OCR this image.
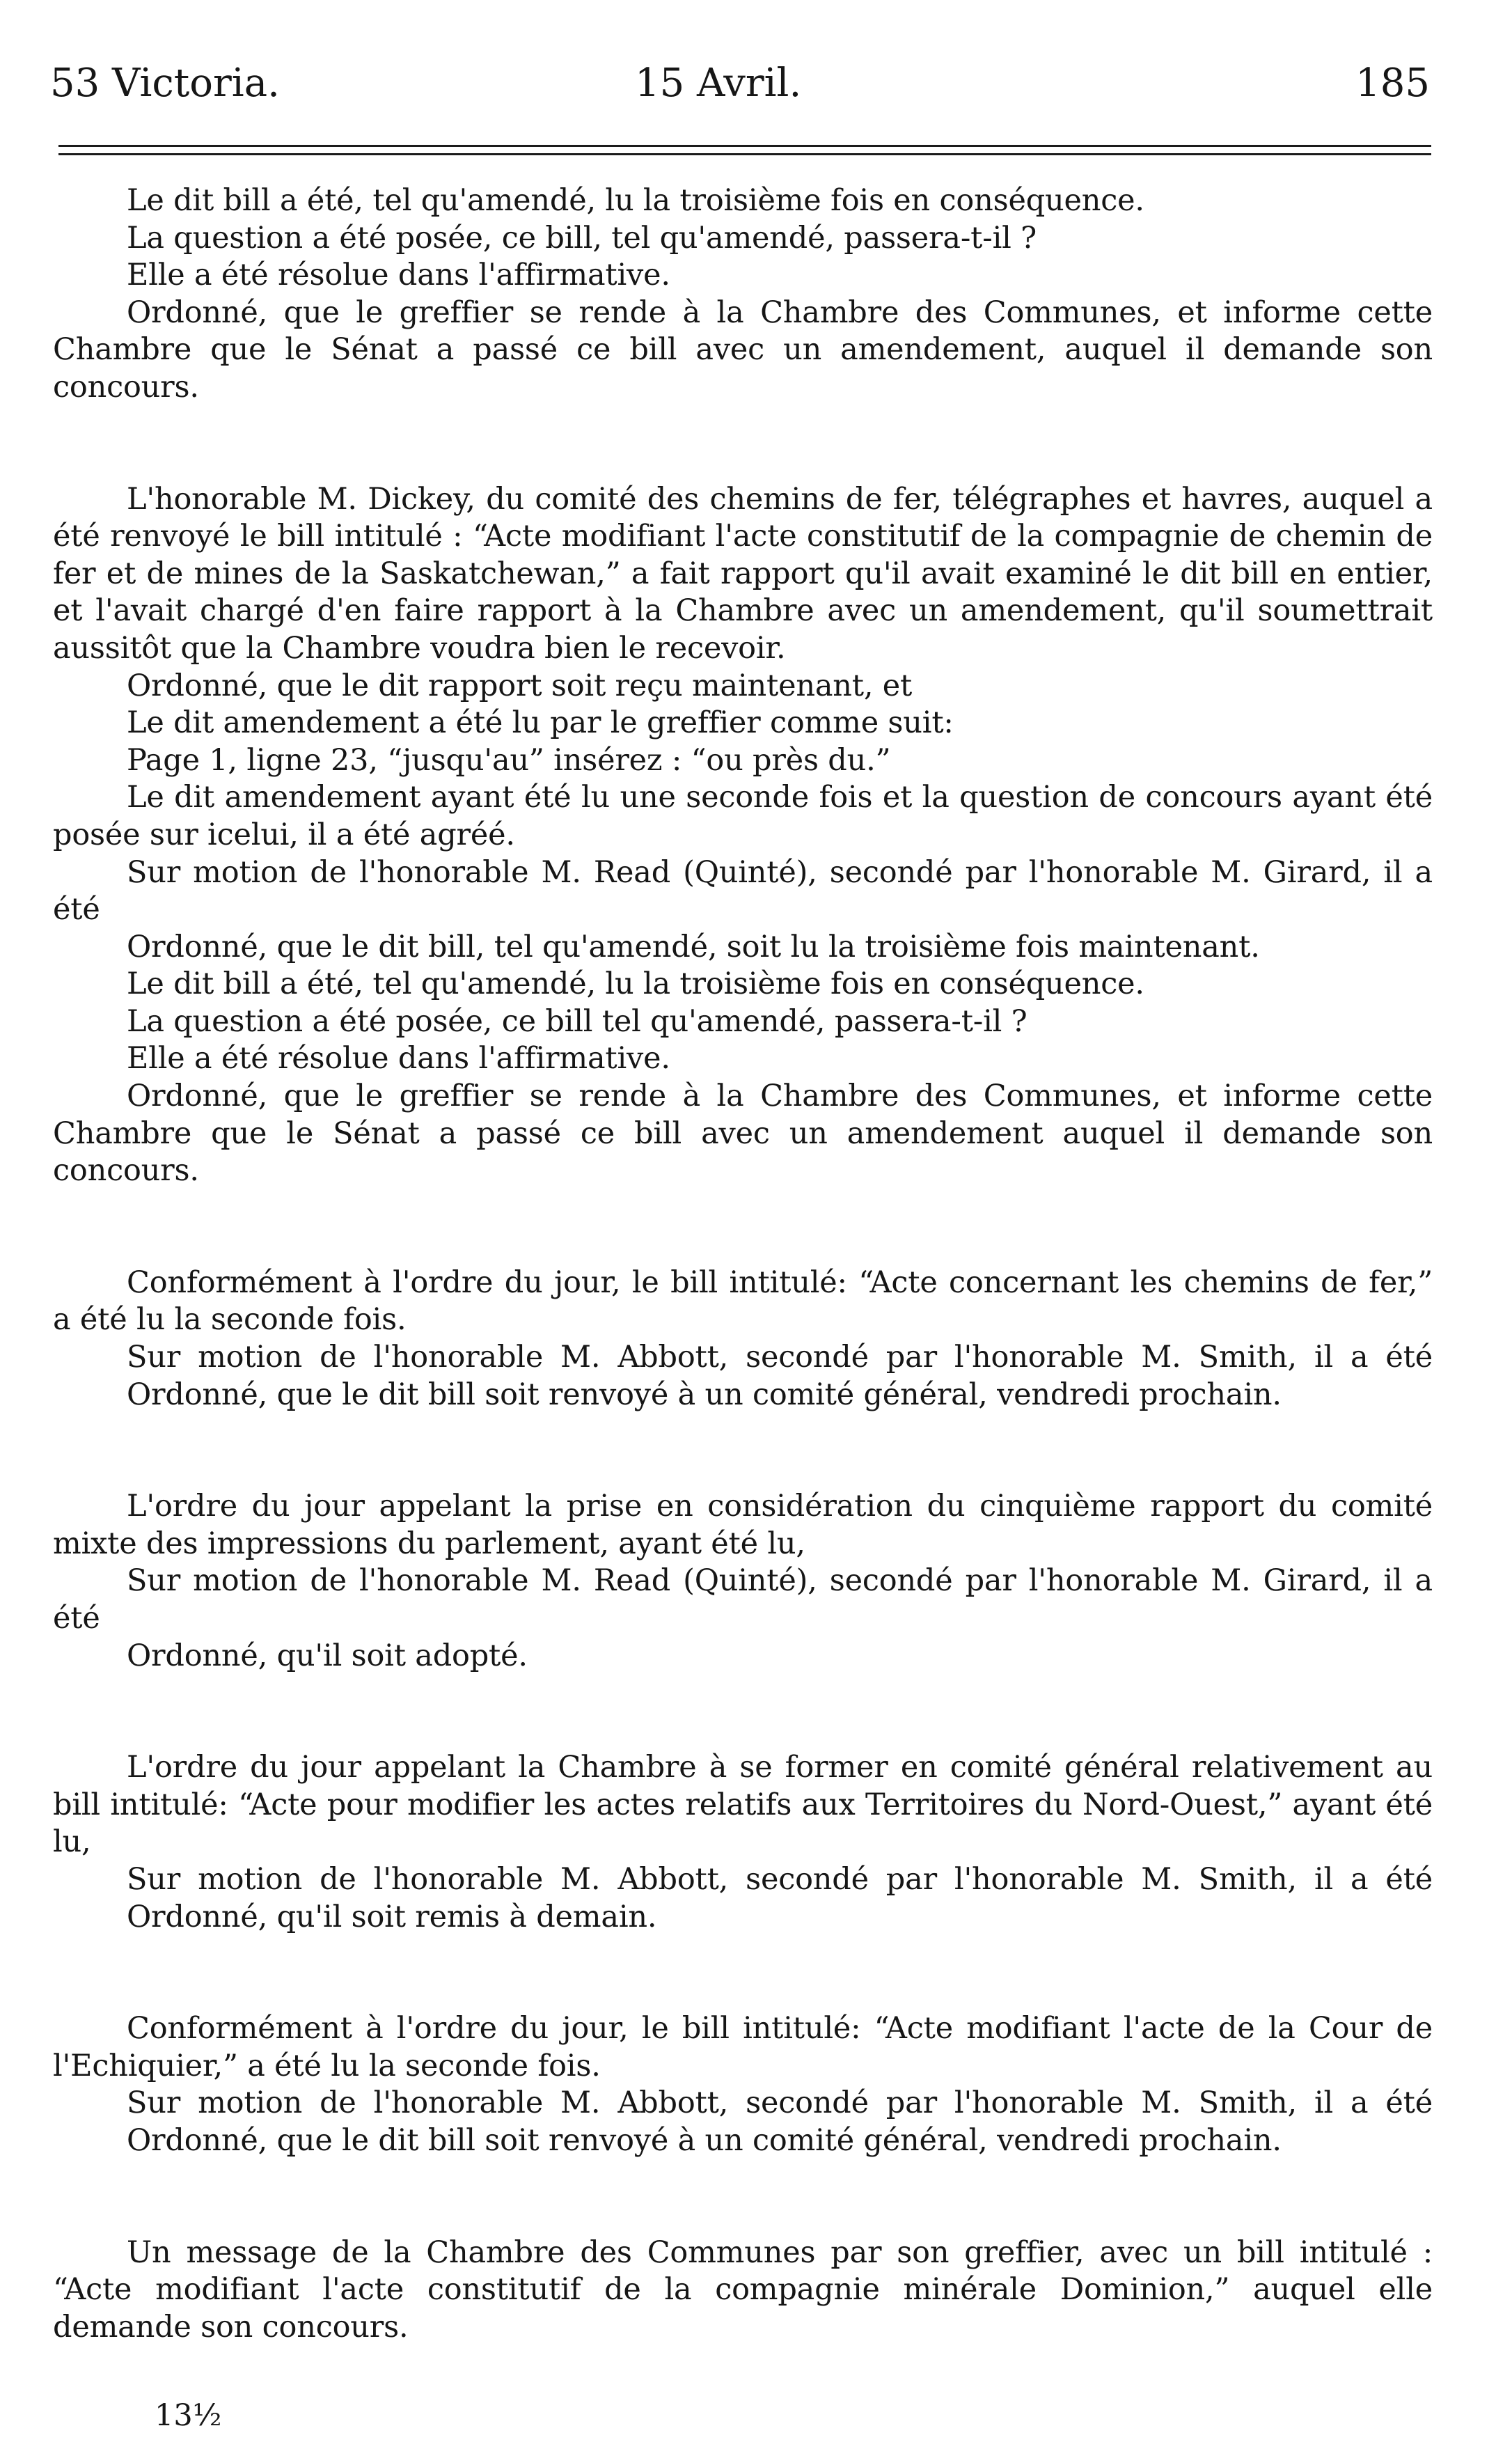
53 Victoria.	15 Avril.	185

Le dit bill a été, tel qu'amendé, lu la troisième fois en conséquence.

La question a été posée, ce bill, tel qu'amendé, passera-t-il ?

Elle a été résolue dans l'affirmative.

Ordonné, que le greffier se rende à la Chambre des Communes, et informe cette Chambre que le Sénat a passé ce bill avec un amendement, auquel il demande son concours.

L'honorable M. Dickey, du comité des chemins de fer, télégraphes et havres, auquel a été renvoyé le bill intitulé : “Acte modifiant l'acte constitutif de la compagnie de chemin de fer et de mines de la Saskatchewan,” a fait rapport qu'il avait examiné le dit bill en entier, et l'avait chargé d'en faire rapport à la Chambre avec un amendement, qu'il soumettrait aussitôt que la Chambre voudra bien le recevoir.

Ordonné, que le dit rapport soit reçu maintenant, et

Le dit amendement a été lu par le greffier comme suit:

Page 1, ligne 23, “jusqu'au” insérez : “ou près du.”

Le dit amendement ayant été lu une seconde fois et la question de concours ayant été posée sur icelui, il a été agréé.

Sur motion de l'honorable M. Read (Quinté), secondé par l'honorable M. Girard, il a été

Ordonné, que le dit bill, tel qu'amendé, soit lu la troisième fois maintenant.

Le dit bill a été, tel qu'amendé, lu la troisième fois en conséquence.

La question a été posée, ce bill tel qu'amendé, passera-t-il ?

Elle a été résolue dans l'affirmative.

Ordonné, que le greffier se rende à la Chambre des Communes, et informe cette Chambre que le Sénat a passé ce bill avec un amendement auquel il demande son concours.

Conformément à l'ordre du jour, le bill intitulé: “Acte concernant les chemins de fer,” a été lu la seconde fois.

Sur motion de l'honorable M. Abbott, secondé par l'honorable M. Smith, il a été

Ordonné, que le dit bill soit renvoyé à un comité général, vendredi prochain.

L'ordre du jour appelant la prise en considération du cinquième rapport du comité mixte des impressions du parlement, ayant été lu,

Sur motion de l'honorable M. Read (Quinté), secondé par l'honorable M. Girard, il a été

Ordonné, qu'il soit adopté.

L'ordre du jour appelant la Chambre à se former en comité général relativement au bill intitulé: “Acte pour modifier les actes relatifs aux Territoires du Nord-Ouest,” ayant été lu,

Sur motion de l'honorable M. Abbott, secondé par l'honorable M. Smith, il a été

Ordonné, qu'il soit remis à demain.

Conformément à l'ordre du jour, le bill intitulé: “Acte modifiant l'acte de la Cour de l'Echiquier,” a été lu la seconde fois.

Sur motion de l'honorable M. Abbott, secondé par l'honorable M. Smith, il a été

Ordonné, que le dit bill soit renvoyé à un comité général, vendredi prochain.

Un message de la Chambre des Communes par son greffier, avec un bill intitulé : “Acte modifiant l'acte constitutif de la compagnie minérale Dominion,” auquel elle demande son concours.

13½
